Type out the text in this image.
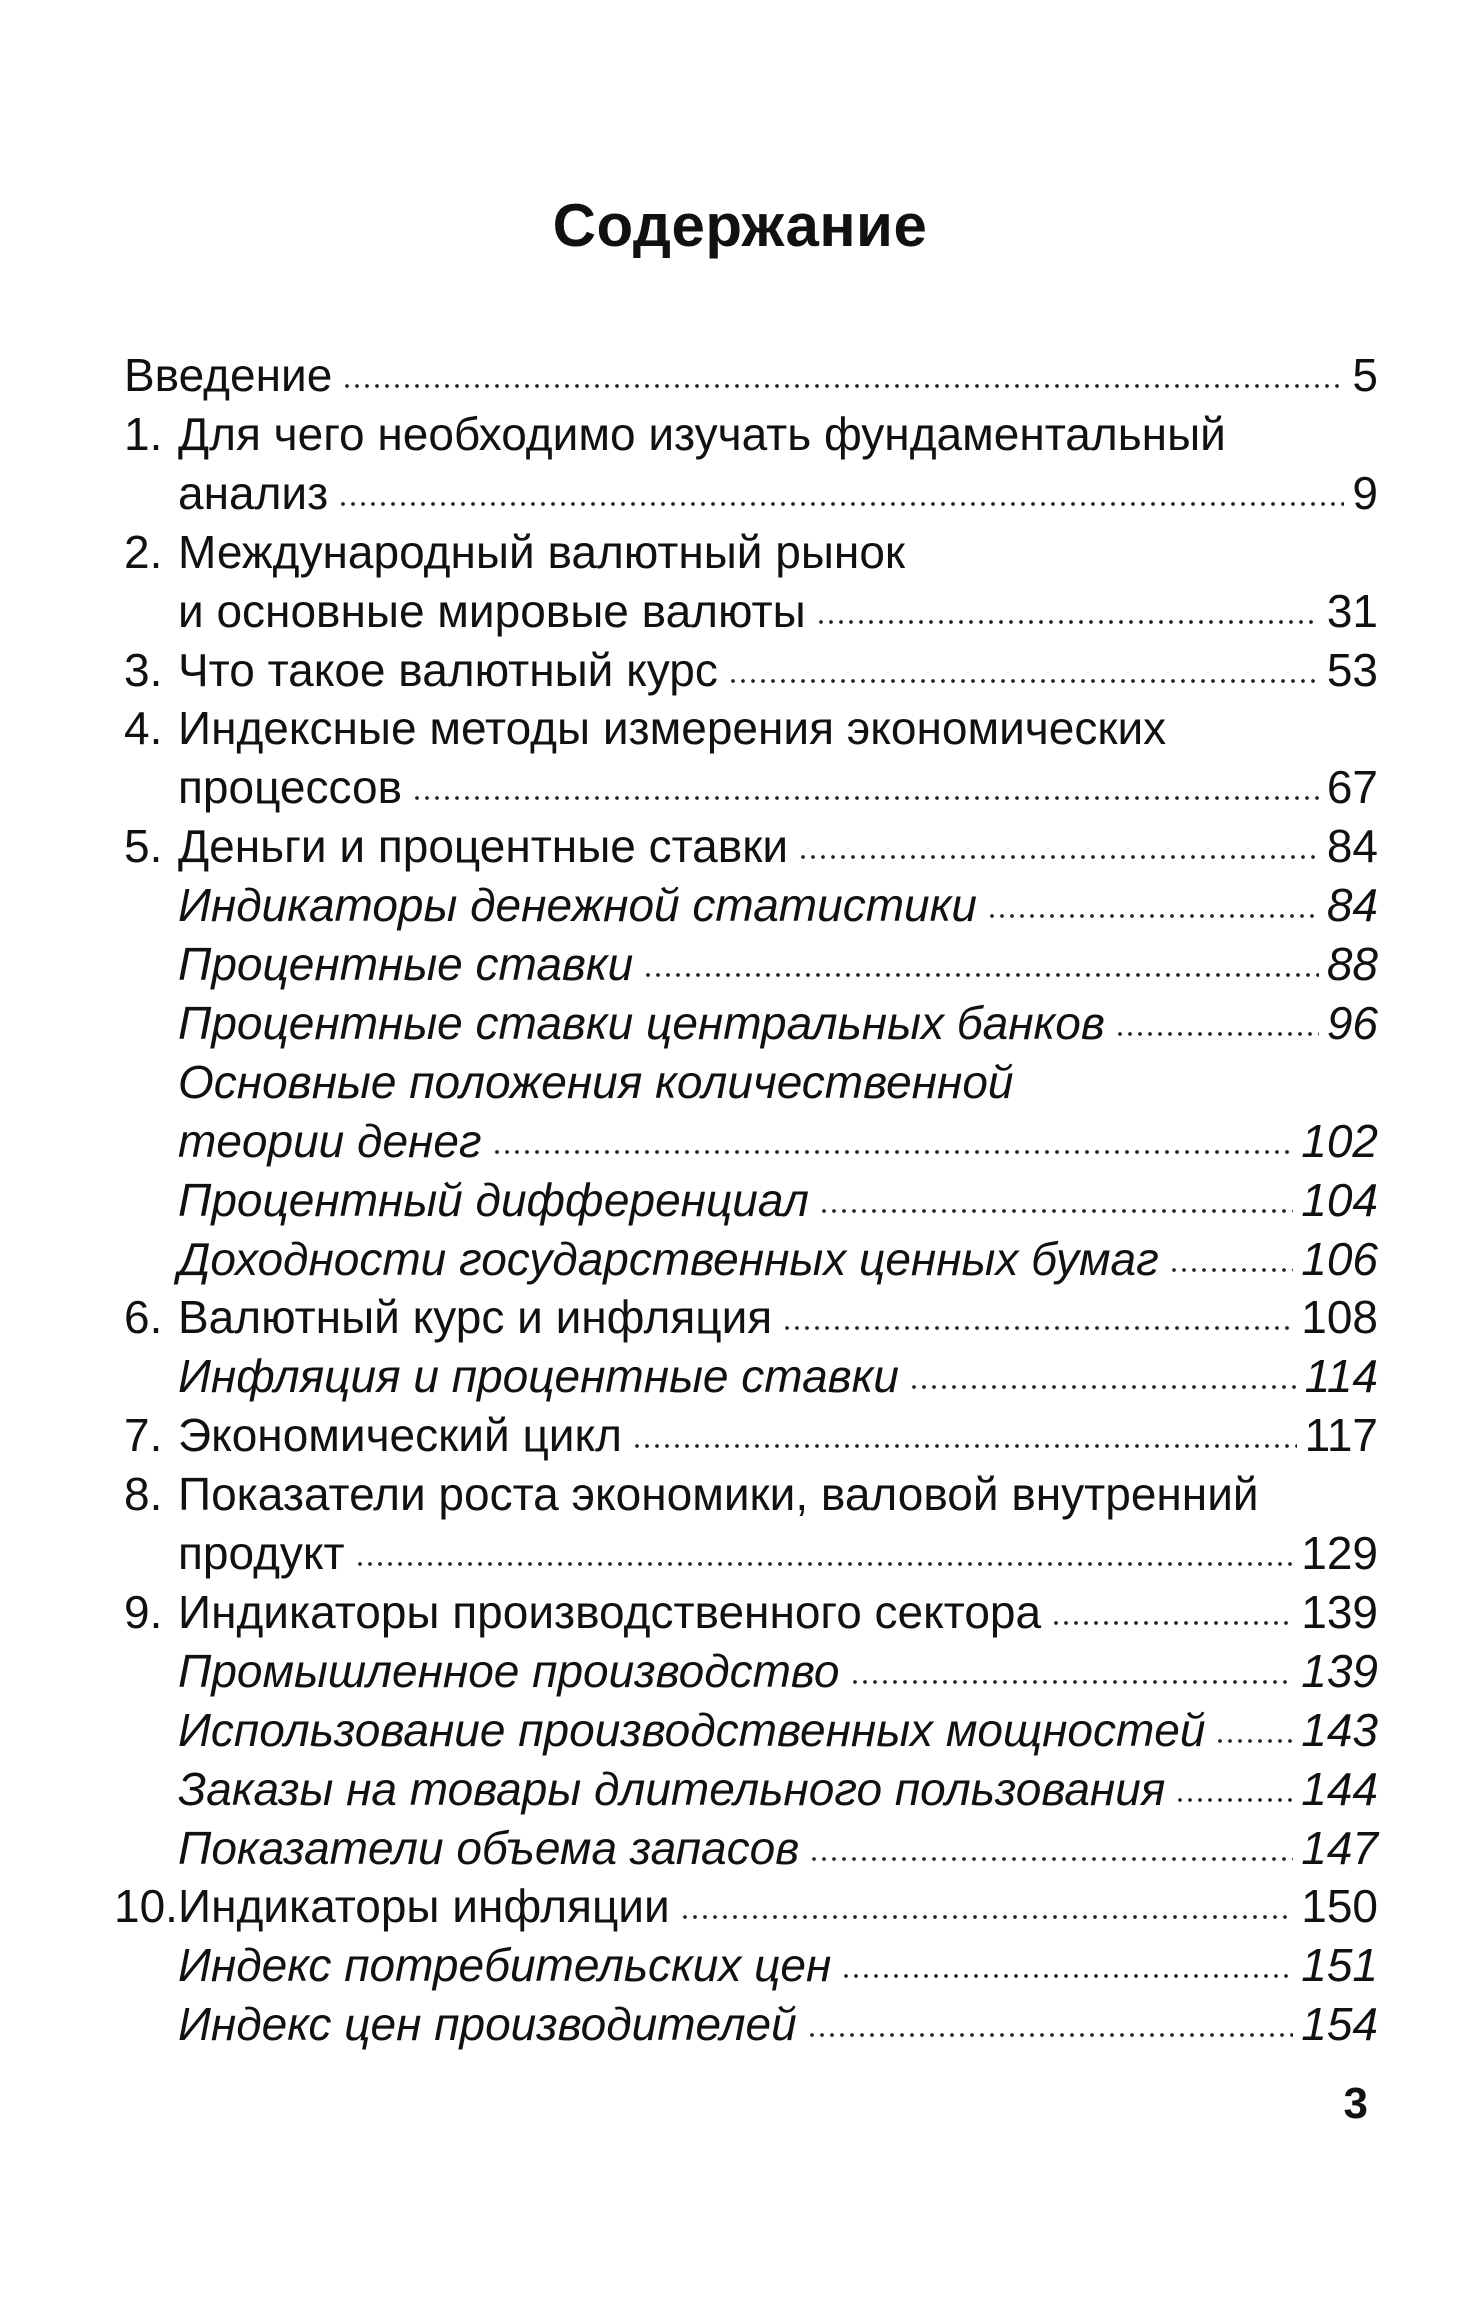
Содержание
Введение	5
1. Для чего необходимо изучать фундаментальный
анализ	9
2. Международный валютный рынок
и основные мировые валюты	31
3. Что такое валютный курс	53
4. Индексные методы измерения экономических
процессов	67
5. Деньги и процентные ставки	84
Индикаторы денежной статистики	84
Процентные ставки	88
Процентные ставки центральных банков	96
Основные положения количественной
теории денег	102
Процентный дифференциал	104
Доходности государственных ценных бумаг	106
6. Валютный курс и инфляция	108
Инфляция и процентные ставки	114
7. Экономический цикл	117
8. Показатели роста экономики, валовой внутренний
продукт	129
9. Индикаторы производственного сектора	139
Промышленное производство	139
Использование производственных мощностей 143
Заказы на товары длительного пользования	144
Показатели объема запасов	147
10. Индикаторы инфляции	150
Индекс потребительских цен	151
Индекс цен производителей	154
3
